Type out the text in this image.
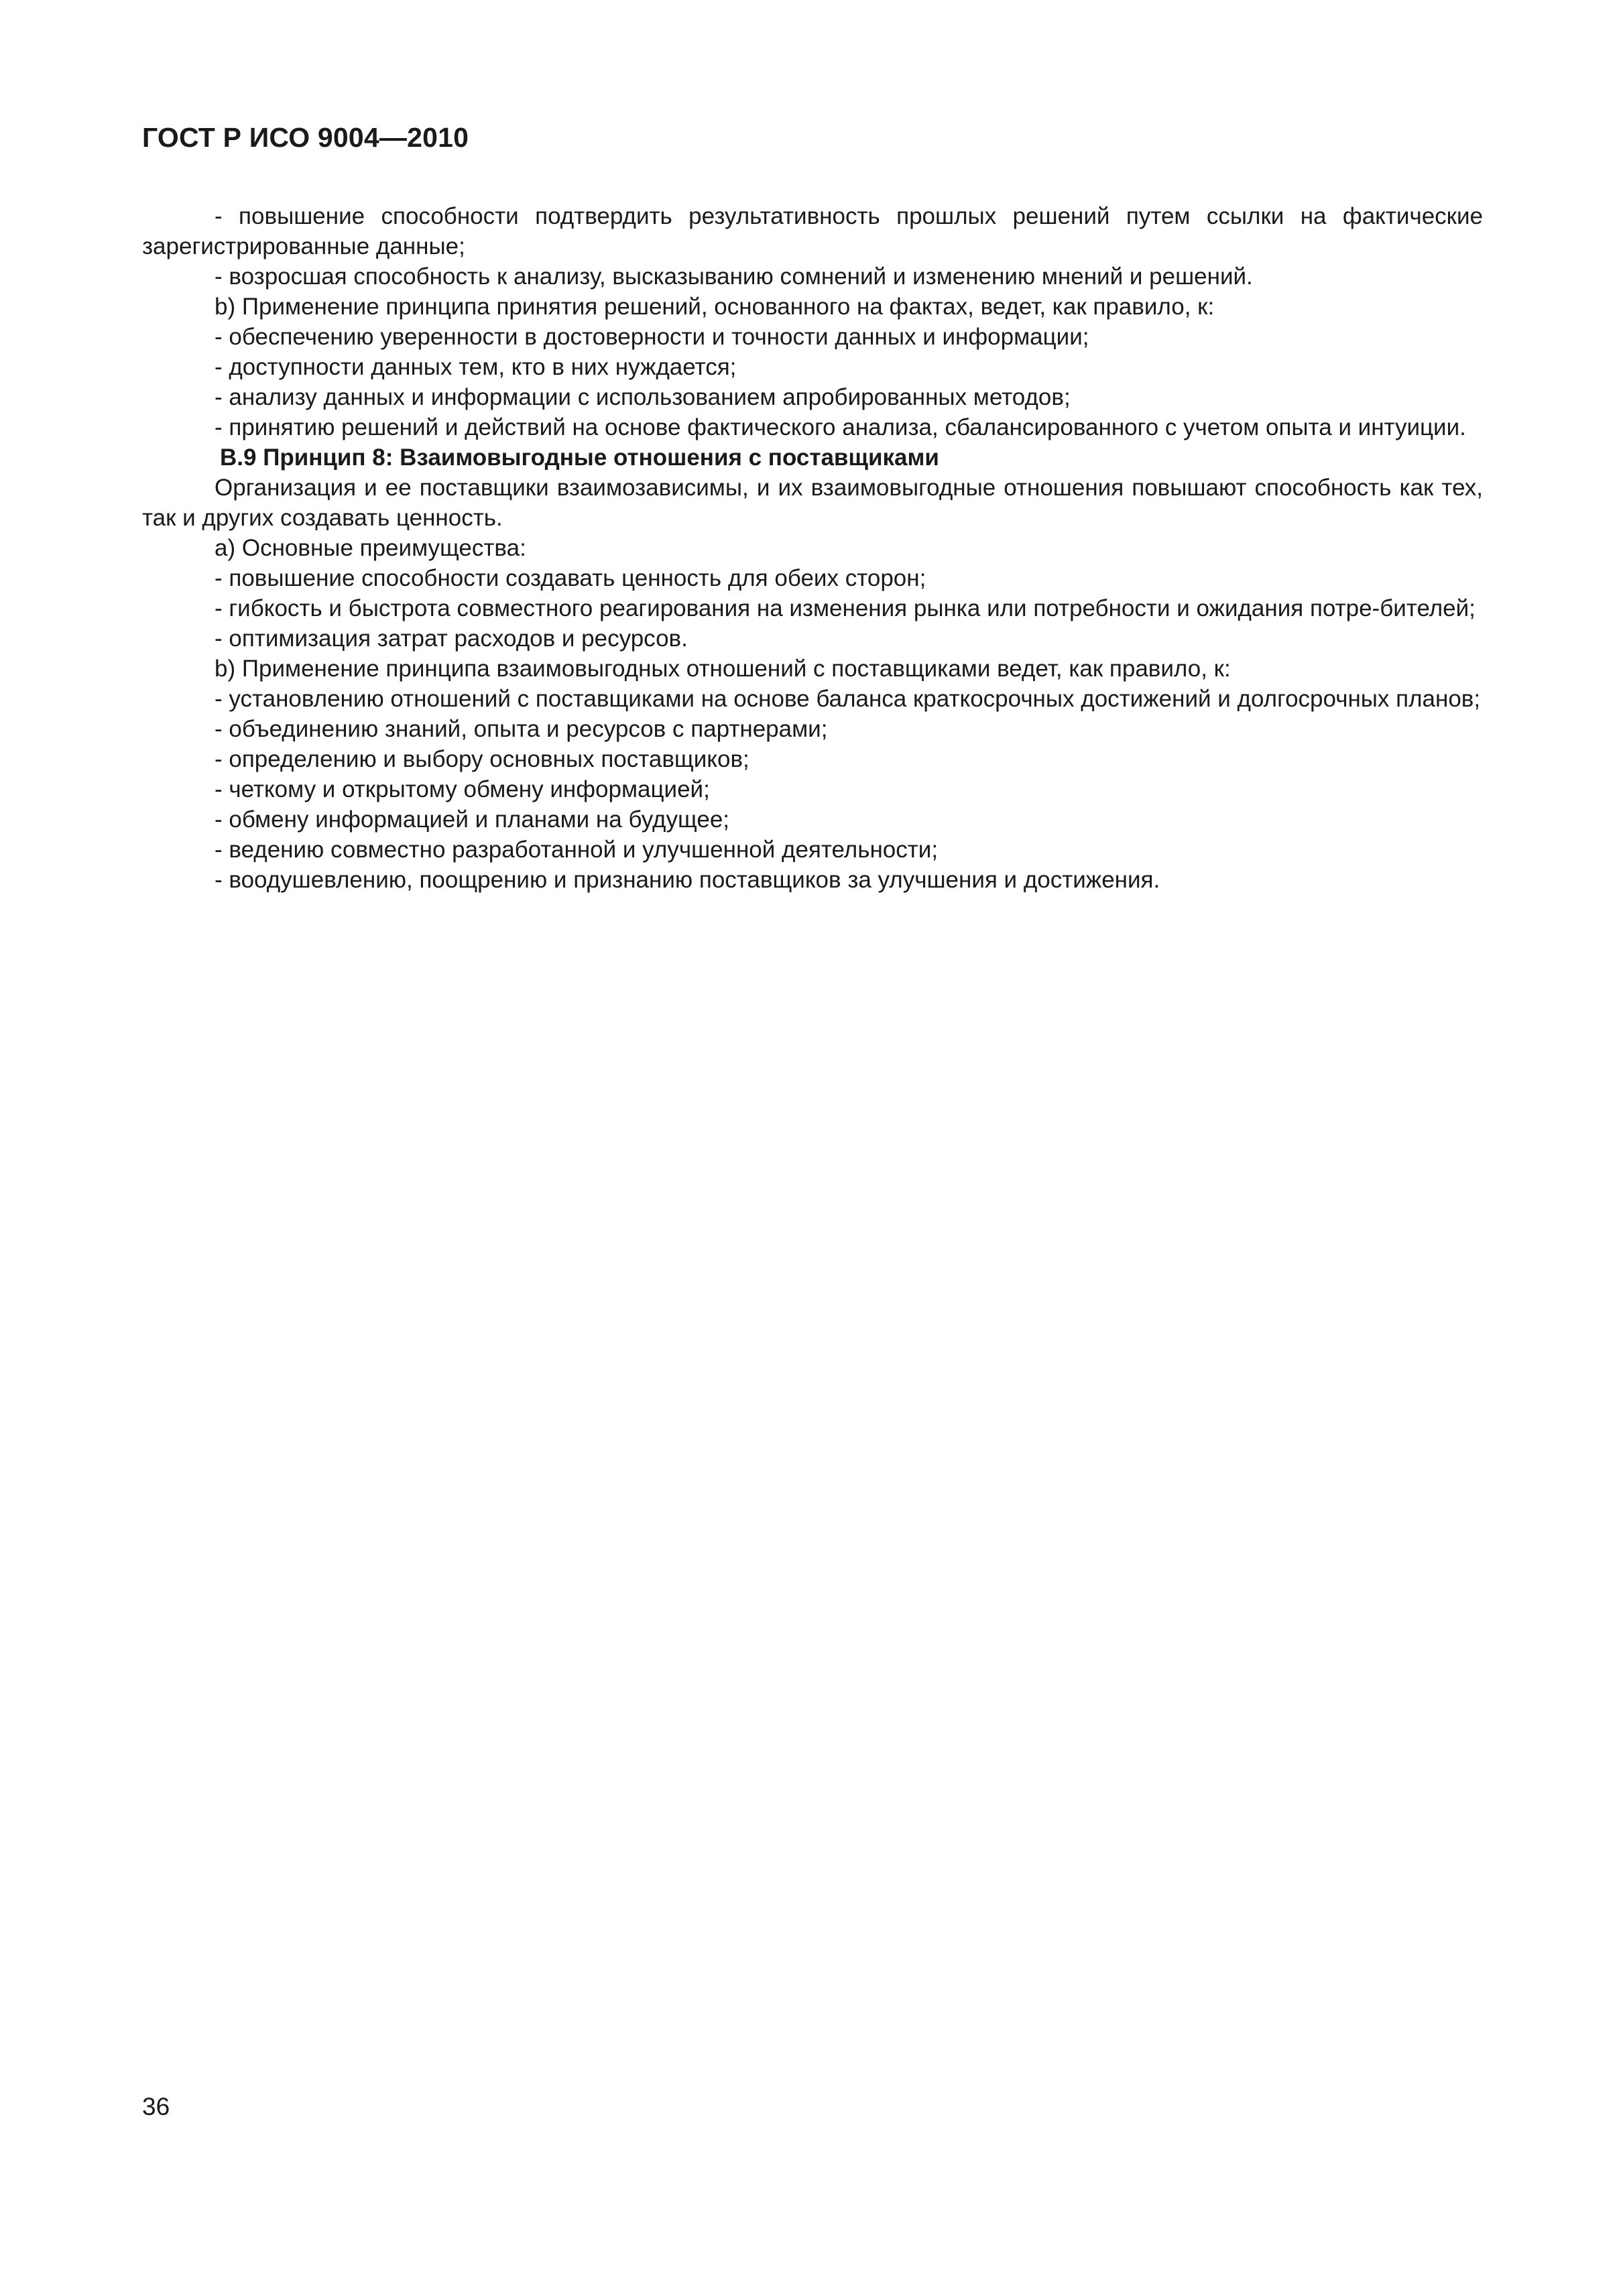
ГОСТ Р ИСО 9004—2010

- повышение способности подтвердить результативность прошлых решений путем ссылки на фактические зарегистрированные данные;

- возросшая способность к анализу, высказыванию сомнений и изменению мнений и решений.

b) Применение принципа принятия решений, основанного на фактах, ведет, как правило, к:

- обеспечению уверенности в достоверности и точности данных и информации;

- доступности данных тем, кто в них нуждается;

- анализу данных и информации с использованием апробированных методов;

- принятию решений и действий на основе фактического анализа, сбалансированного с учетом опыта и интуиции.

В.9 Принцип 8: Взаимовыгодные отношения с поставщиками

Организация и ее поставщики взаимозависимы, и их взаимовыгодные отношения повышают способность как тех, так и других создавать ценность.

a) Основные преимущества:

- повышение способности создавать ценность для обеих сторон;

- гибкость и быстрота совместного реагирования на изменения рынка или потребности и ожидания потре-бителей;

- оптимизация затрат расходов и ресурсов.

b) Применение принципа взаимовыгодных отношений с поставщиками ведет, как правило, к:

- установлению отношений с поставщиками на основе баланса краткосрочных достижений и долгосрочных планов;

- объединению знаний, опыта и ресурсов с партнерами;

- определению и выбору основных поставщиков;

- четкому и открытому обмену информацией;

- обмену информацией и планами на будущее;

- ведению совместно разработанной и улучшенной деятельности;

- воодушевлению, поощрению и признанию поставщиков за улучшения и достижения.

36
